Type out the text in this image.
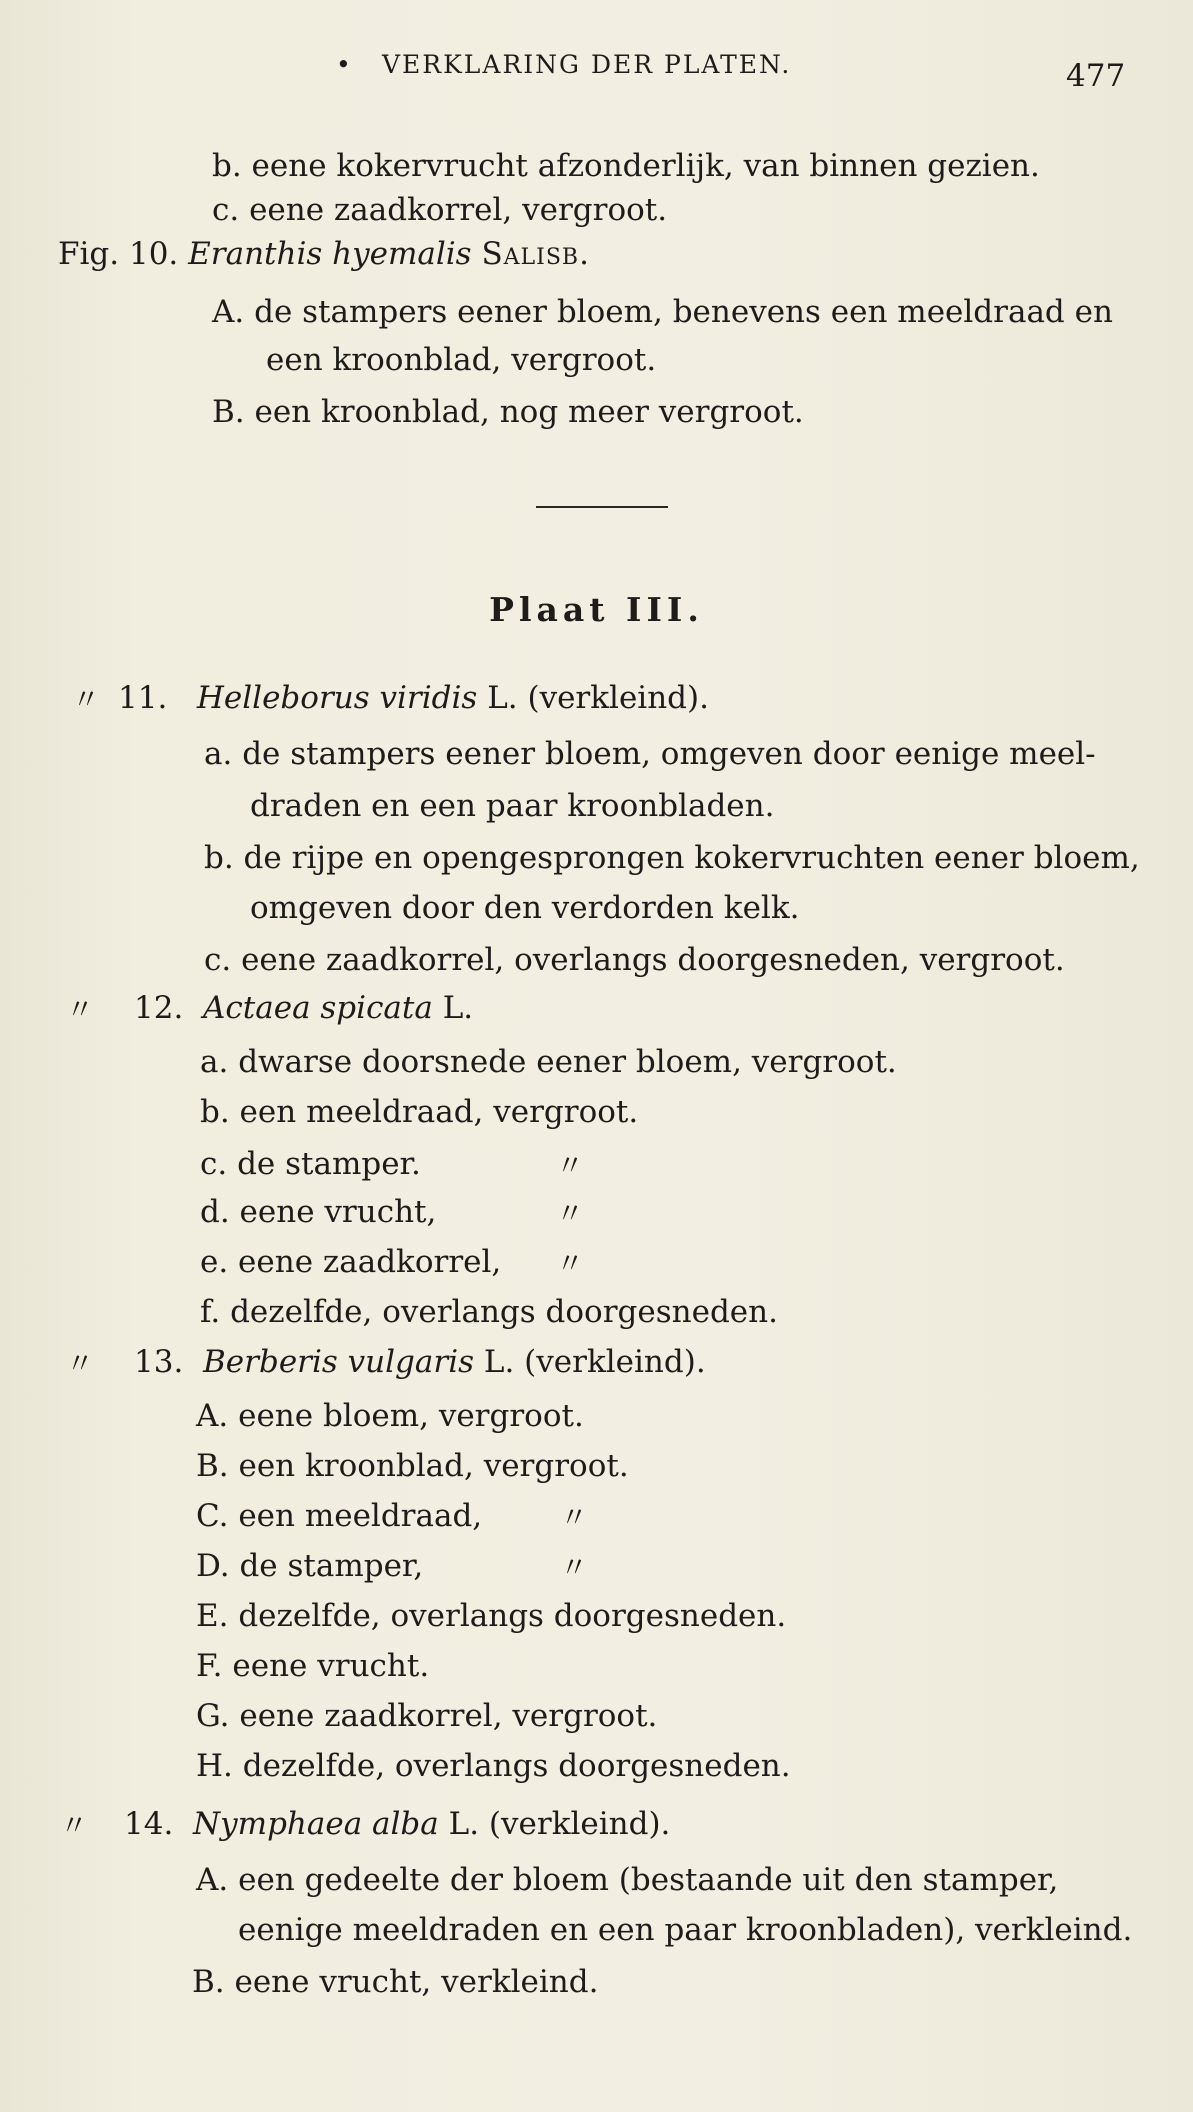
• VERKLARING DER PLATEN.	477
b. eene kokervrucht afzonderlijk, van binnen gezien.
c. eene zaadkorrel, vergroot.
Fig. 10. Eranthis hyemalis Salisb.
A. de stampers eener bloem, benevens een meeldraad en
een kroonblad, vergroot.
B. een kroonblad, nog meer vergroot.
Plaat III.
〃 11. Helleborus viridis L. (verkleind).
a. de stampers eener bloem, omgeven door eenige meel-
draden en een paar kroonbladen.
b. de rijpe en opengesprongen kokervruchten eener bloem,
omgeven door den verdorden kelk.
c. eene zaadkorrel, overlangs doorgesneden, vergroot.
〃 12. Actaea spicata L.
a. dwarse doorsnede eener bloem, vergroot.
b. een meeldraad, vergroot.
c. de stamper.	〃
d. eene vrucht,	〃
e. eene zaadkorrel, 〃
f. dezelfde, overlangs doorgesneden.
〃 13. Berberis vulgaris L. (verkleind).
A. eene bloem, vergroot.
B. een kroonblad, vergroot.
C. een meeldraad,	〃
D. de stamper,	〃
E. dezelfde, overlangs doorgesneden.
F. eene vrucht.
G. eene zaadkorrel, vergroot.
H. dezelfde, overlangs doorgesneden.
〃 14. Nymphaea alba L. (verkleind).
A. een gedeelte der bloem (bestaande uit den stamper,
eenige meeldraden en een paar kroonbladen), verkleind.
B. eene vrucht, verkleind.
